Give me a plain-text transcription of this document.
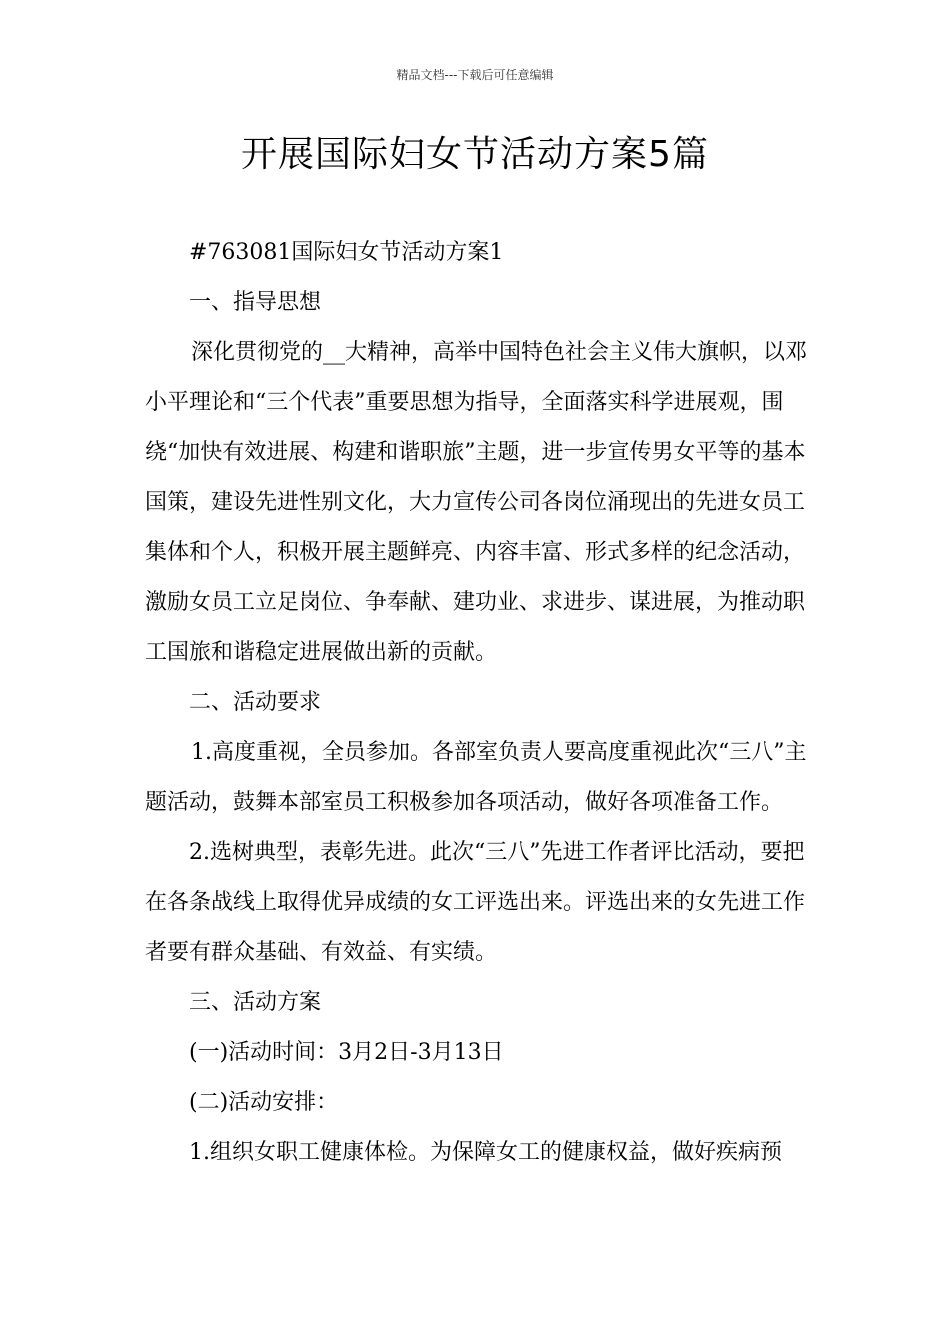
精品文档---下载后可任意编辑
开展国际妇女节活动方案5篇

#763081国际妇女节活动方案1

一、指导思想

深化贯彻党的__大精神，高举中国特色社会主义伟大旗帜，以邓小平理论和“三个代表”重要思想为指导，全面落实科学进展观，围绕“加快有效进展、构建和谐职旅”主题，进一步宣传男女平等的基本国策，建设先进性别文化，大力宣传公司各岗位涌现出的先进女员工集体和个人，积极开展主题鲜亮、内容丰富、形式多样的纪念活动，激励女员工立足岗位、争奉献、建功业、求进步、谋进展，为推动职工国旅和谐稳定进展做出新的贡献。

二、活动要求

1.高度重视，全员参加。各部室负责人要高度重视此次“三八”主题活动，鼓舞本部室员工积极参加各项活动，做好各项准备工作。

2.选树典型，表彰先进。此次“三八”先进工作者评比活动，要把在各条战线上取得优异成绩的女工评选出来。评选出来的女先进工作者要有群众基础、有效益、有实绩。

三、活动方案

(一)活动时间：3月2日-3月13日

(二)活动安排：

1.组织女职工健康体检。为保障女工的健康权益，做好疾病预
